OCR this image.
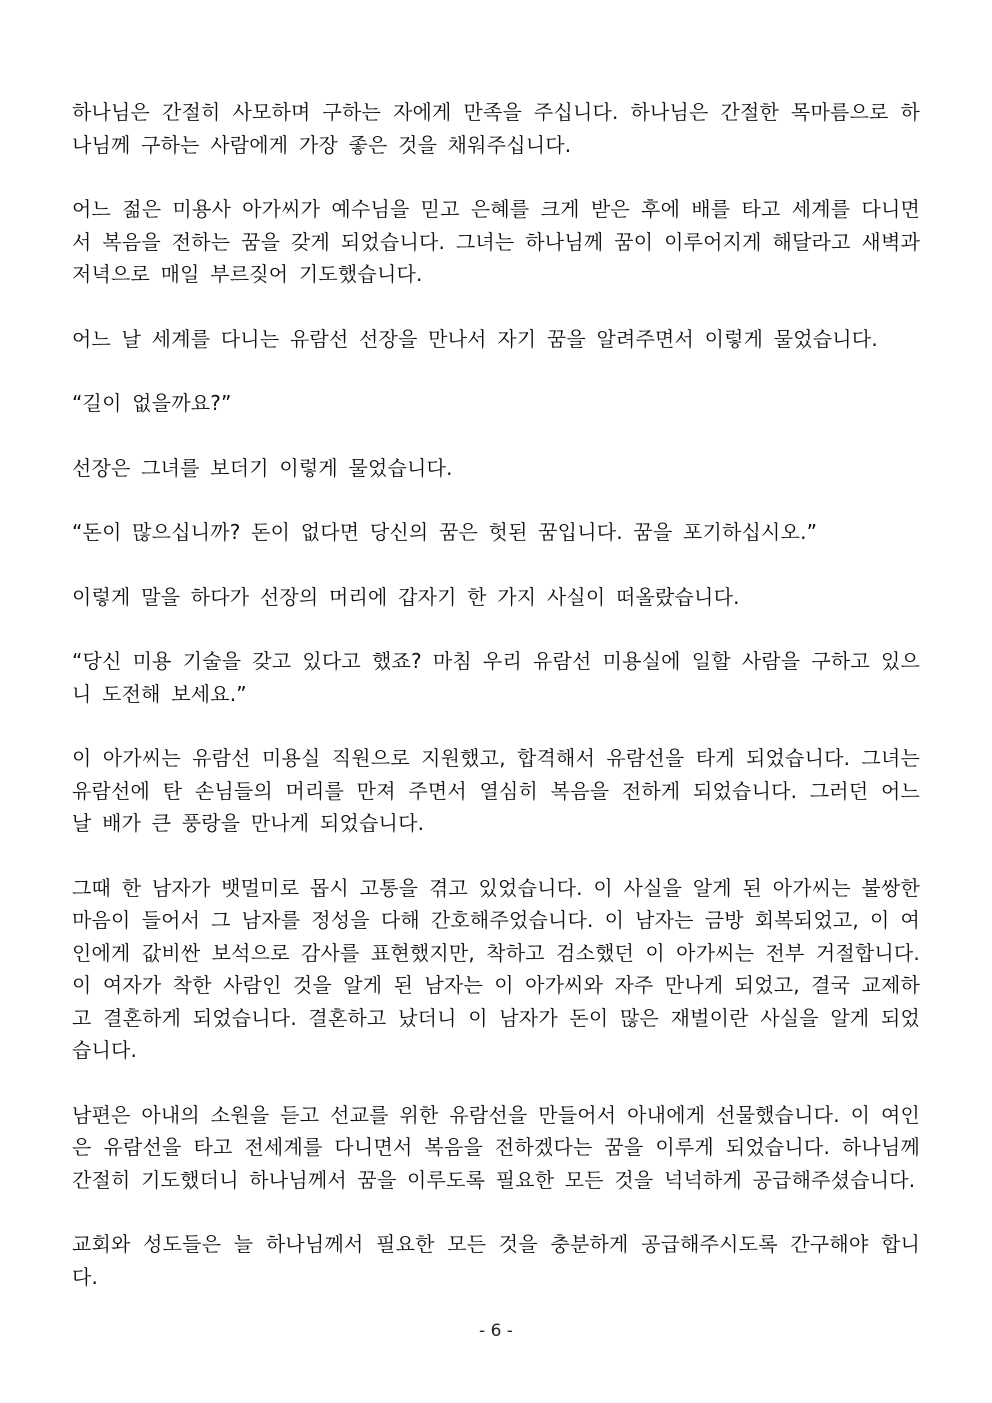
하나님은 간절히 사모하며 구하는 자에게 만족을 주십니다. 하나님은 간절한 목마름으로 하나님께 구하는 사람에게 가장 좋은 것을 채워주십니다.

어느 젊은 미용사 아가씨가 예수님을 믿고 은혜를 크게 받은 후에 배를 타고 세계를 다니면서 복음을 전하는 꿈을 갖게 되었습니다. 그녀는 하나님께 꿈이 이루어지게 해달라고 새벽과 저녁으로 매일 부르짖어 기도했습니다.

어느 날 세계를 다니는 유람선 선장을 만나서 자기 꿈을 알려주면서 이렇게 물었습니다.

“길이 없을까요?”

선장은 그녀를 보더기 이렇게 물었습니다.

“돈이 많으십니까? 돈이 없다면 당신의 꿈은 헛된 꿈입니다. 꿈을 포기하십시오.”

이렇게 말을 하다가 선장의 머리에 갑자기 한 가지 사실이 떠올랐습니다.

“당신 미용 기술을 갖고 있다고 했죠? 마침 우리 유람선 미용실에 일할 사람을 구하고 있으니 도전해 보세요.”

이 아가씨는 유람선 미용실 직원으로 지원했고, 합격해서 유람선을 타게 되었습니다. 그녀는 유람선에 탄 손님들의 머리를 만져 주면서 열심히 복음을 전하게 되었습니다. 그러던 어느 날 배가 큰 풍랑을 만나게 되었습니다.

그때 한 남자가 뱃멀미로 몹시 고통을 겪고 있었습니다. 이 사실을 알게 된 아가씨는 불쌍한 마음이 들어서 그 남자를 정성을 다해 간호해주었습니다. 이 남자는 금방 회복되었고, 이 여인에게 값비싼 보석으로 감사를 표현했지만, 착하고 검소했던 이 아가씨는 전부 거절합니다. 이 여자가 착한 사람인 것을 알게 된 남자는 이 아가씨와 자주 만나게 되었고, 결국 교제하고 결혼하게 되었습니다. 결혼하고 났더니 이 남자가 돈이 많은 재벌이란 사실을 알게 되었습니다.

남편은 아내의 소원을 듣고 선교를 위한 유람선을 만들어서 아내에게 선물했습니다. 이 여인은 유람선을 타고 전세계를 다니면서 복음을 전하겠다는 꿈을 이루게 되었습니다. 하나님께 간절히 기도했더니 하나님께서 꿈을 이루도록 필요한 모든 것을 넉넉하게 공급해주셨습니다.

교회와 성도들은 늘 하나님께서 필요한 모든 것을 충분하게 공급해주시도록 간구해야 합니다.

- 6 -
